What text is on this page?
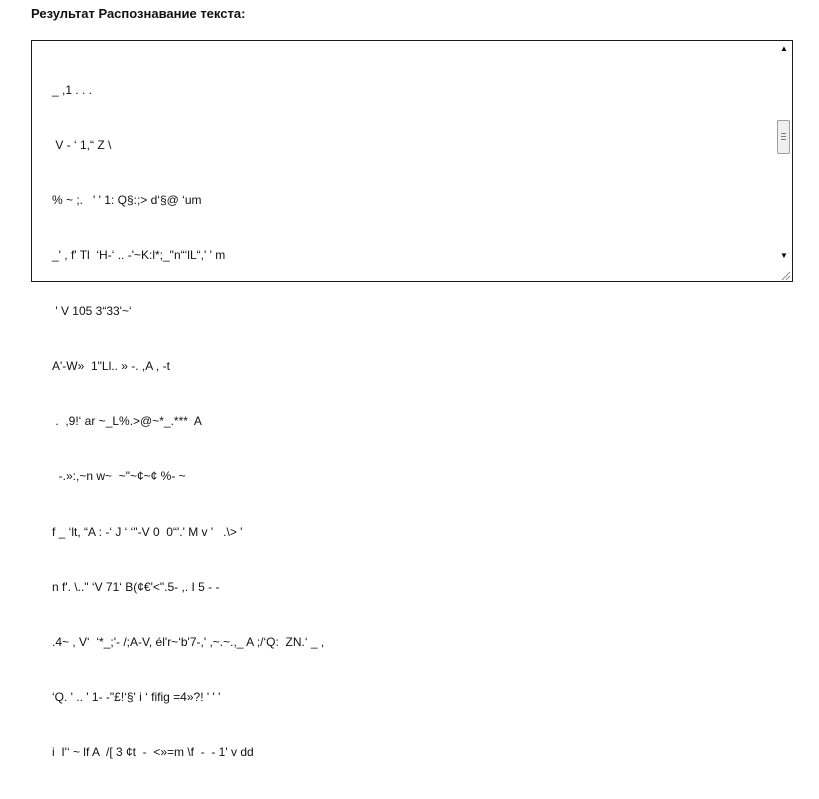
Результат Распознавание текста:

_ ,1 . . .

V - ‘ 1,“ Z \

% ~ ;.   ' ' 1: Q§:;> d‘§@ ‘um

_' , f' Tl  ‘H-‘ .. -'~K:l*;_"n“‘lL“,' ' m

' V 105 3“33'~‘

A'-W»  1"Ll.. » -. ,A , -t

.  ,9!‘ ar ~_L%.>@~*_.***  A

-.»:,~n w~  ~"~¢~¢ %- ~

f _ ‘lt, “A : -‘ J ‘ ‘"-V 0  0“'.' M v '   .\> '

n f'. \.." ‘V 71‘ B(¢€'<".5- ,. I 5 - -

.4~ , V‘  ‘*_;'- /;A-V, él'r~‘b'7-,' ,~.~.,_ A ;/‘Q:  ZN.‘ _ ,

‘Q. ' .. ' 1- -"£!‘§' i ‘ fifig =4»?! ' ' '

i  I'‘ ~ lf A  /[ 3 ¢t  -  <»=m \f  -  - 1' v dd

▲
▼
